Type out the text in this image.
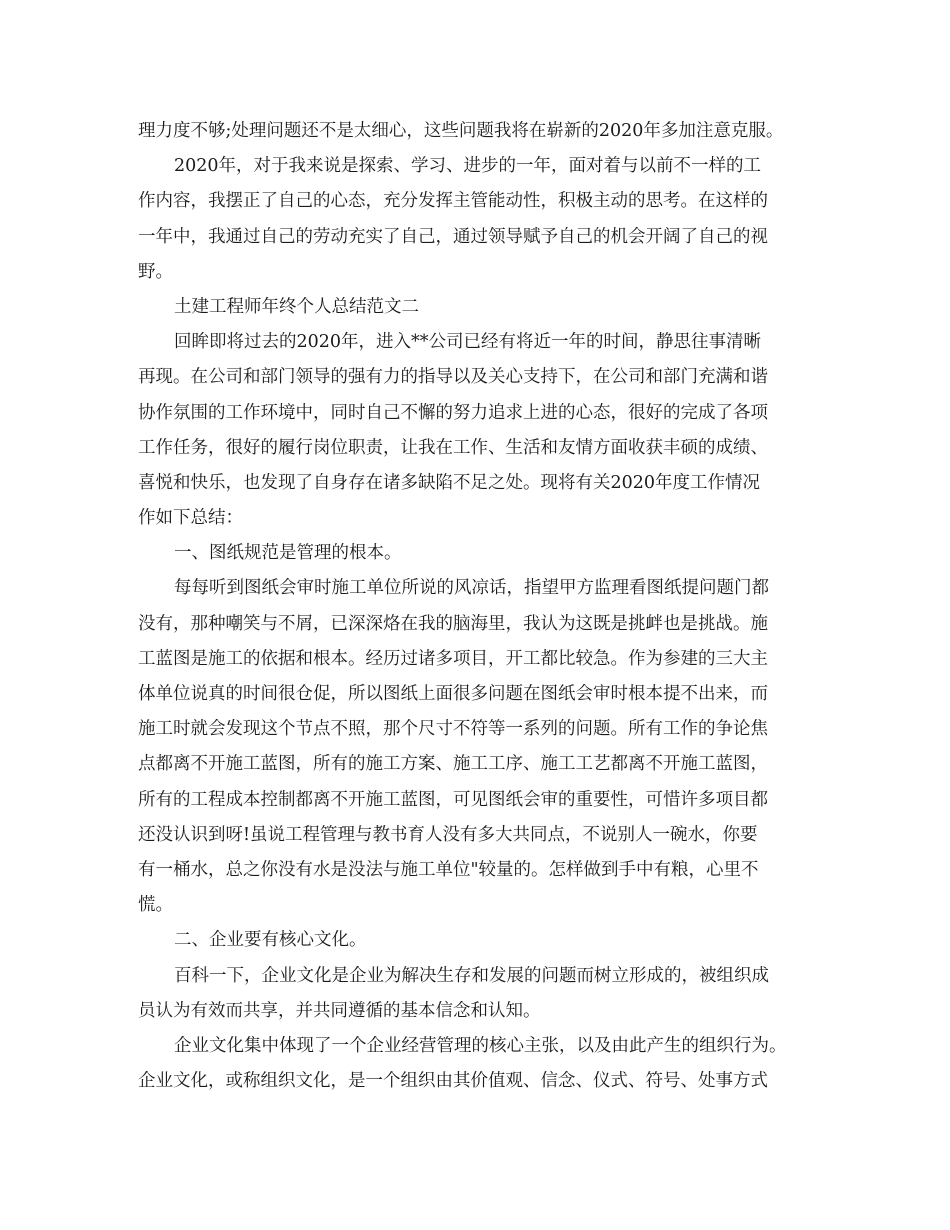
理力度不够;处理问题还不是太细心，这些问题我将在崭新的2020年多加注意克服。
2020年，对于我来说是探索、学习、进步的一年，面对着与以前不一样的工
作内容，我摆正了自己的心态，充分发挥主管能动性，积极主动的思考。在这样的
一年中，我通过自己的劳动充实了自己，通过领导赋予自己的机会开阔了自己的视
野。
土建工程师年终个人总结范文二
回眸即将过去的2020年，进入**公司已经有将近一年的时间，静思往事清晰
再现。在公司和部门领导的强有力的指导以及关心支持下，在公司和部门充满和谐
协作氛围的工作环境中，同时自己不懈的努力追求上进的心态，很好的完成了各项
工作任务，很好的履行岗位职责，让我在工作、生活和友情方面收获丰硕的成绩、
喜悦和快乐，也发现了自身存在诸多缺陷不足之处。现将有关2020年度工作情况
作如下总结：
一、图纸规范是管理的根本。
每每听到图纸会审时施工单位所说的风凉话，指望甲方监理看图纸提问题门都
没有，那种嘲笑与不屑，已深深烙在我的脑海里，我认为这既是挑衅也是挑战。施
工蓝图是施工的依据和根本。经历过诸多项目，开工都比较急。作为参建的三大主
体单位说真的时间很仓促，所以图纸上面很多问题在图纸会审时根本提不出来，而
施工时就会发现这个节点不照，那个尺寸不符等一系列的问题。所有工作的争论焦
点都离不开施工蓝图，所有的施工方案、施工工序、施工工艺都离不开施工蓝图，
所有的工程成本控制都离不开施工蓝图，可见图纸会审的重要性，可惜许多项目都
还没认识到呀!虽说工程管理与教书育人没有多大共同点，不说别人一碗水，你要
有一桶水，总之你没有水是没法与施工单位"较量的。怎样做到手中有粮，心里不
慌。
二、企业要有核心文化。
百科一下，企业文化是企业为解决生存和发展的问题而树立形成的，被组织成
员认为有效而共享，并共同遵循的基本信念和认知。
企业文化集中体现了一个企业经营管理的核心主张，以及由此产生的组织行为。
企业文化，或称组织文化，是一个组织由其价值观、信念、仪式、符号、处事方式
